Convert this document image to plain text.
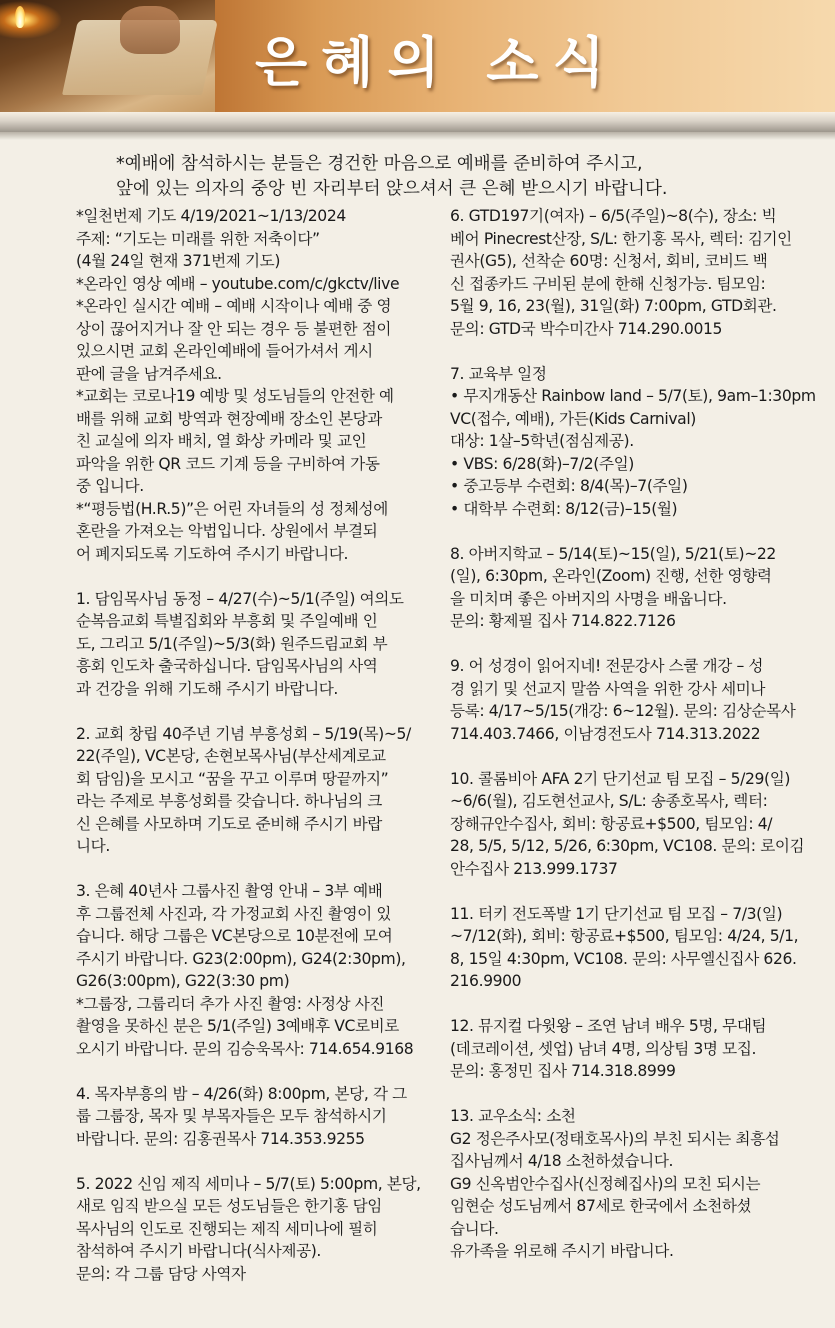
은혜의 소식
*예배에 참석하시는 분들은 경건한 마음으로 예배를 준비하여 주시고,
앞에 있는 의자의 중앙 빈 자리부터 앉으셔서 큰 은혜 받으시기 바랍니다.
*일천번제 기도 4/19/2021~1/13/2024
주제: “기도는 미래를 위한 저축이다”
(4월 24일 현재 371번제 기도)
*온라인 영상 예배 – youtube.com/c/gkctv/live
*온라인 실시간 예배 – 예배 시작이나 예배 중 영
상이 끊어지거나 잘 안 되는 경우 등 불편한 점이
있으시면 교회 온라인예배에 들어가셔서 게시
판에 글을 남겨주세요.
*교회는 코로나19 예방 및 성도님들의 안전한 예
배를 위해 교회 방역과 현장예배 장소인 본당과
친 교실에 의자 배치, 열 화상 카메라 및 교인
파악을 위한 QR 코드 기계 등을 구비하여 가동
중 입니다.
*“평등법(H.R.5)”은 어린 자녀들의 성 정체성에
혼란을 가져오는 악법입니다. 상원에서 부결되
어 폐지되도록 기도하여 주시기 바랍니다.
1. 담임목사님 동정 – 4/27(수)~5/1(주일) 여의도
순복음교회 특별집회와 부흥회 및 주일예배 인
도, 그리고 5/1(주일)~5/3(화) 원주드림교회 부
흥회 인도차 출국하십니다. 담임목사님의 사역
과 건강을 위해 기도해 주시기 바랍니다.
2. 교회 창립 40주년 기념 부흥성회 – 5/19(목)~5/
22(주일), VC본당, 손현보목사님(부산세계로교
회 담임)을 모시고 “꿈을 꾸고 이루며 땅끝까지”
라는 주제로 부흥성회를 갖습니다. 하나님의 크
신 은혜를 사모하며 기도로 준비해 주시기 바랍
니다.
3. 은혜 40년사 그룹사진 촬영 안내 – 3부 예배
후 그룹전체 사진과, 각 가정교회 사진 촬영이 있
습니다. 해당 그룹은 VC본당으로 10분전에 모여
주시기 바랍니다. G23(2:00pm), G24(2:30pm),
G26(3:00pm), G22(3:30 pm)
*그룹장, 그룹리더 추가 사진 촬영: 사정상 사진
촬영을 못하신 분은 5/1(주일) 3예배후 VC로비로
오시기 바랍니다. 문의 김승욱목사: 714.654.9168
4. 목자부흥의 밤 – 4/26(화) 8:00pm, 본당, 각 그
룹 그룹장, 목자 및 부목자들은 모두 참석하시기
바랍니다. 문의: 김홍권목사 714.353.9255
5. 2022 신임 제직 세미나 – 5/7(토) 5:00pm, 본당,
새로 임직 받으실 모든 성도님들은 한기홍 담임
목사님의 인도로 진행되는 제직 세미나에 필히
참석하여 주시기 바랍니다(식사제공).
문의: 각 그룹 담당 사역자
6. GTD197기(여자) – 6/5(주일)~8(수), 장소: 빅
베어 Pinecrest산장, S/L: 한기홍 목사, 렉터: 김기인
권사(G5), 선착순 60명: 신청서, 회비, 코비드 백
신 접종카드 구비된 분에 한해 신청가능. 팀모임:
5월 9, 16, 23(월), 31일(화) 7:00pm, GTD회관.
문의: GTD국 박수미간사 714.290.0015
7. 교육부 일정
• 무지개동산 Rainbow land – 5/7(토), 9am–1:30pm
VC(접수, 예배), 가든(Kids Carnival)
대상: 1살–5학년(점심제공).
• VBS: 6/28(화)–7/2(주일)
• 중고등부 수련회: 8/4(목)–7(주일)
• 대학부 수련회: 8/12(금)–15(월)
8. 아버지학교 – 5/14(토)~15(일), 5/21(토)~22
(일), 6:30pm, 온라인(Zoom) 진행, 선한 영향력
을 미치며 좋은 아버지의 사명을 배웁니다.
문의: 황제필 집사 714.822.7126
9. 어 성경이 읽어지네! 전문강사 스쿨 개강 – 성
경 읽기 및 선교지 말씀 사역을 위한 강사 세미나
등록: 4/17~5/15(개강: 6~12월). 문의: 김상순목사
714.403.7466, 이남경전도사 714.313.2022
10. 콜롬비아 AFA 2기 단기선교 팀 모집 – 5/29(일)
~6/6(월), 김도현선교사, S/L: 송종호목사, 렉터:
장해규안수집사, 회비: 항공료+$500, 팀모임: 4/
28, 5/5, 5/12, 5/26, 6:30pm, VC108. 문의: 로이김
안수집사 213.999.1737
11. 터키 전도폭발 1기 단기선교 팀 모집 – 7/3(일)
~7/12(화), 회비: 항공료+$500, 팀모임: 4/24, 5/1,
8, 15일 4:30pm, VC108. 문의: 사무엘신집사 626.
216.9900
12. 뮤지컬 다윗왕 – 조연 남녀 배우 5명, 무대팀
(데코레이션, 셋업) 남녀 4명, 의상팀 3명 모집.
문의: 홍정민 집사 714.318.8999
13. 교우소식: 소천
G2 정은주사모(정태호목사)의 부친 되시는 최흥섭
집사님께서 4/18 소천하셨습니다.
G9 신옥범안수집사(신정혜집사)의 모친 되시는
임현순 성도님께서 87세로 한국에서 소천하셨
습니다.
유가족을 위로해 주시기 바랍니다.
